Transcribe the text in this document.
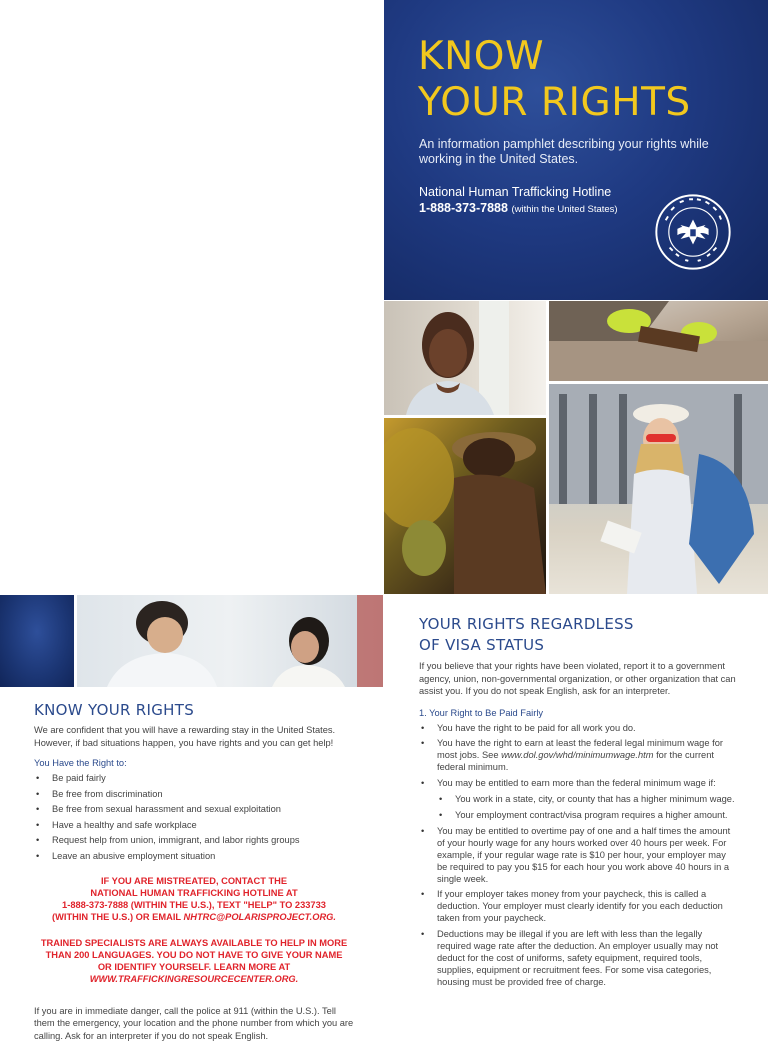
KNOW
YOUR RIGHTS
An information pamphlet describing your rights while working in the United States.
National Human Trafficking Hotline
1-888-373-7888 (within the United States)
KNOW YOUR RIGHTS

We are confident that you will have a rewarding stay in the United States. However, if bad situations happen, you have rights and you can get help!

You Have the Right to:
• Be paid fairly
• Be free from discrimination
• Be free from sexual harassment and sexual exploitation
• Have a healthy and safe workplace
• Request help from union, immigrant, and labor rights groups
• Leave an abusive employment situation

IF YOU ARE MISTREATED, CONTACT THE
NATIONAL HUMAN TRAFFICKING HOTLINE AT
1-888-373-7888 (WITHIN THE U.S.), TEXT "HELP" TO 233733
(WITHIN THE U.S.) OR EMAIL NHTRC@POLARISPROJECT.ORG.

TRAINED SPECIALISTS ARE ALWAYS AVAILABLE TO HELP IN MORE
THAN 200 LANGUAGES. YOU DO NOT HAVE TO GIVE YOUR NAME
OR IDENTIFY YOURSELF. LEARN MORE AT
WWW.TRAFFICKINGRESOURCECENTER.ORG.

If you are in immediate danger, call the police at 911 (within the U.S.). Tell them the emergency, your location and the phone number from which you are calling. Ask for an interpreter if you do not speak English.

YOUR RIGHTS REGARDLESS
OF VISA STATUS

If you believe that your rights have been violated, report it to a government agency, union, non-governmental organization, or other organization that can assist you. If you do not speak English, ask for an interpreter.

1. Your Right to Be Paid Fairly
• You have the right to be paid for all work you do.
• You have the right to earn at least the federal legal minimum wage for most jobs. See www.dol.gov/whd/minimumwage.htm for the current federal minimum.
• You may be entitled to earn more than the federal minimum wage if:
• You work in a state, city, or county that has a higher minimum wage.
• Your employment contract/visa program requires a higher amount.
• You may be entitled to overtime pay of one and a half times the amount of your hourly wage for any hours worked over 40 hours per week. For example, if your regular wage rate is $10 per hour, your employer may be required to pay you $15 for each hour you work above 40 hours in a single week.
• If your employer takes money from your paycheck, this is called a deduction. Your employer must clearly identify for you each deduction taken from your paycheck.
• Deductions may be illegal if you are left with less than the legally required wage rate after the deduction. An employer usually may not deduct for the cost of uniforms, safety equipment, required tools, supplies, equipment or recruitment fees. For some visa categories, housing must be provided free of charge.
